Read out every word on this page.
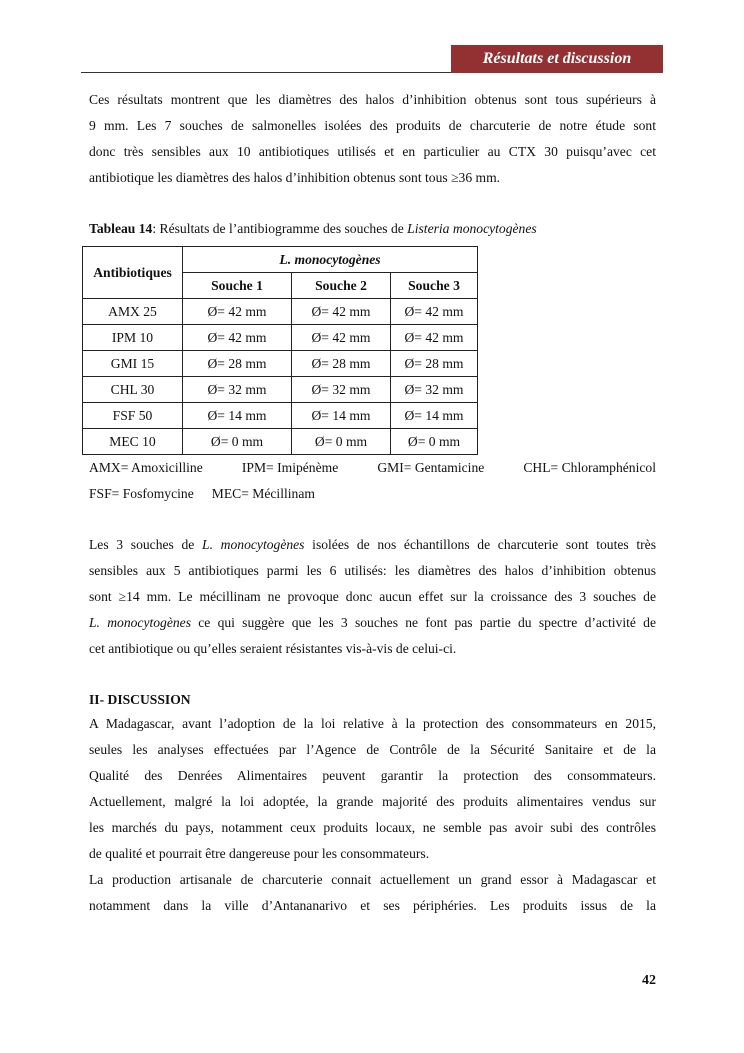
Résultats et discussion

Ces résultats montrent que les diamètres des halos d’inhibition obtenus sont tous supérieurs à

9 mm. Les 7 souches de salmonelles isolées des produits de charcuterie de notre étude sont

donc très sensibles aux 10 antibiotiques utilisés et en particulier au CTX 30 puisqu’avec cet

antibiotique les diamètres des halos d’inhibition obtenus sont tous ≥36 mm.

Tableau 14: Résultats de l’antibiogramme des souches de Listeria monocytogènes
Antibiotiques	L. monocytogènes		
	Souche 1	Souche 2	Souche 3
AMX 25	Ø= 42 mm	Ø= 42 mm	Ø= 42 mm
IPM 10	Ø= 42 mm	Ø= 42 mm	Ø= 42 mm
GMI 15	Ø= 28 mm	Ø= 28 mm	Ø= 28 mm
CHL 30	Ø= 32 mm	Ø= 32 mm	Ø= 32 mm
FSF 50	Ø= 14 mm	Ø= 14 mm	Ø= 14 mm
MEC 10	Ø= 0 mm	Ø= 0 mm	Ø= 0 mm
AMX= Amoxicilline	IPM= Imipénème	GMI= Gentamicine	CHL= Chloramphénicol
FSF= Fosfomycine MEC= Mécillinam

Les 3 souches de L. monocytogènes isolées de nos échantillons de charcuterie sont toutes très

sensibles aux 5 antibiotiques parmi les 6 utilisés: les diamètres des halos d’inhibition obtenus

sont ≥14 mm. Le mécillinam ne provoque donc aucun effet sur la croissance des 3 souches de

L. monocytogènes ce qui suggère que les 3 souches ne font pas partie du spectre d’activité de

cet antibiotique ou qu’elles seraient résistantes vis-à-vis de celui-ci.

II- DISCUSSION

A Madagascar, avant l’adoption de la loi relative à la protection des consommateurs en 2015,

seules les analyses effectuées par l’Agence de Contrôle de la Sécurité Sanitaire et de la

Qualité des Denrées Alimentaires peuvent garantir la protection des consommateurs.

Actuellement, malgré la loi adoptée, la grande majorité des produits alimentaires vendus sur

les marchés du pays, notamment ceux produits locaux, ne semble pas avoir subi des contrôles

de qualité et pourrait être dangereuse pour les consommateurs.

La production artisanale de charcuterie connait actuellement un grand essor à Madagascar et

notamment dans la ville d’Antananarivo et ses périphéries. Les produits issus de la

42
